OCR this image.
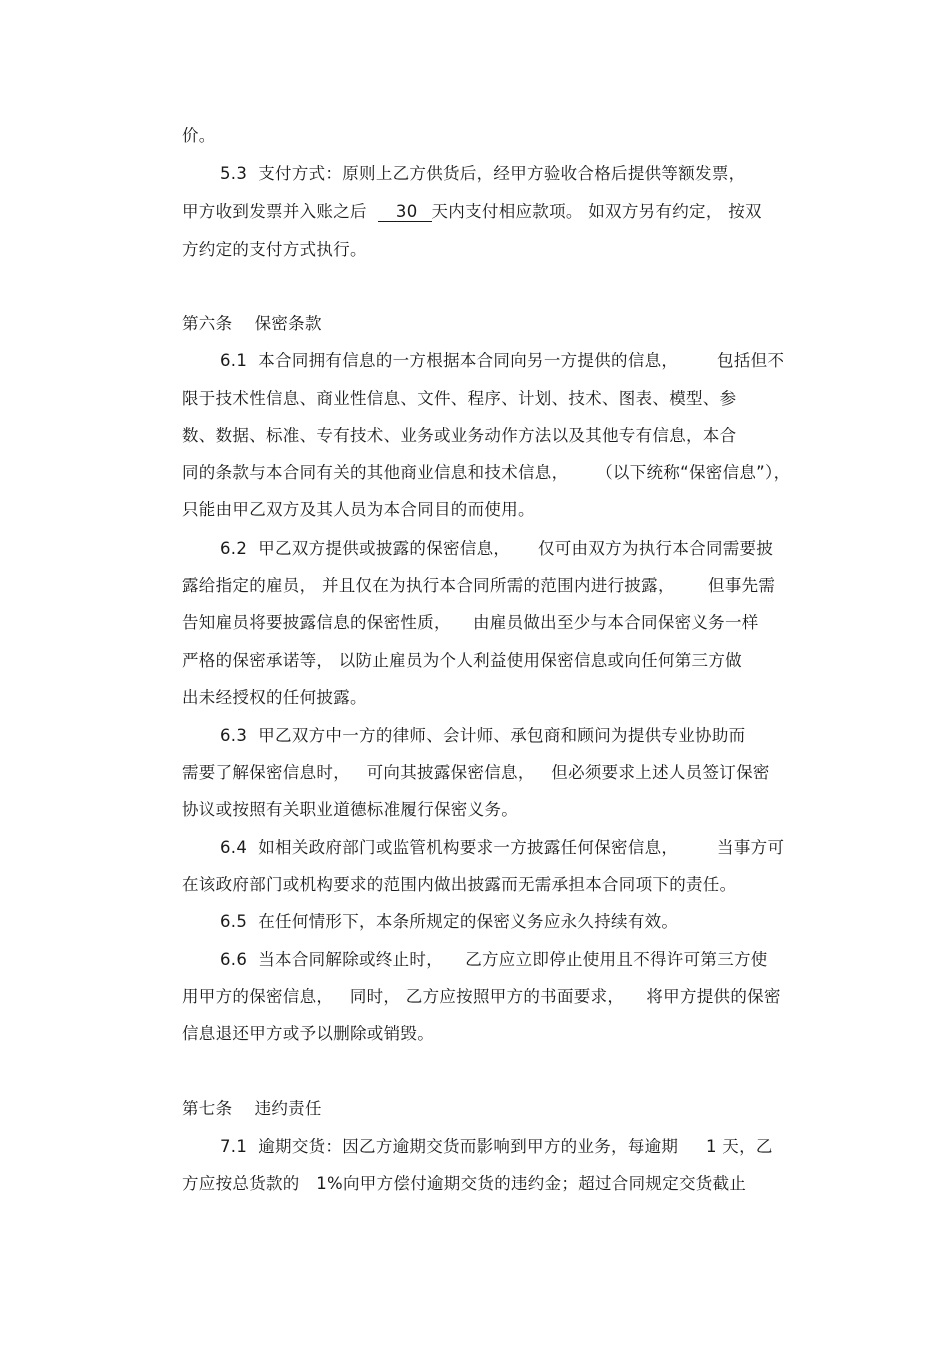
价。
5.3  支付方式：原则上乙方供货后，经甲方验收合格后提供等额发票，
甲方收到发票并入账之后  30 天内支付相应款项。 如双方另有约定， 按双
方约定的支付方式执行。
第六条    保密条款
6.1  本合同拥有信息的一方根据本合同向另一方提供的信息，       包括但不
限于技术性信息、商业性信息、文件、程序、计划、技术、图表、模型、参
数、数据、标准、专有技术、业务或业务动作方法以及其他专有信息，本合
同的条款与本合同有关的其他商业信息和技术信息，     （以下统称“保密信息”），
只能由甲乙双方及其人员为本合同目的而使用。
6.2  甲乙双方提供或披露的保密信息，     仅可由双方为执行本合同需要披
露给指定的雇员， 并且仅在为执行本合同所需的范围内进行披露，      但事先需
告知雇员将要披露信息的保密性质，    由雇员做出至少与本合同保密义务一样
严格的保密承诺等， 以防止雇员为个人利益使用保密信息或向任何第三方做
出未经授权的任何披露。
6.3  甲乙双方中一方的律师、会计师、承包商和顾问为提供专业协助而
需要了解保密信息时，   可向其披露保密信息，   但必须要求上述人员签订保密
协议或按照有关职业道德标准履行保密义务。
6.4  如相关政府部门或监管机构要求一方披露任何保密信息，       当事方可
在该政府部门或机构要求的范围内做出披露而无需承担本合同项下的责任。
6.5  在任何情形下，本条所规定的保密义务应永久持续有效。
6.6  当本合同解除或终止时，    乙方应立即停止使用且不得许可第三方使
用甲方的保密信息，   同时， 乙方应按照甲方的书面要求，    将甲方提供的保密
信息退还甲方或予以删除或销毁。
第七条    违约责任
7.1  逾期交货：因乙方逾期交货而影响到甲方的业务，每逾期     1 天，乙
方应按总货款的   1%向甲方偿付逾期交货的违约金；超过合同规定交货截止
